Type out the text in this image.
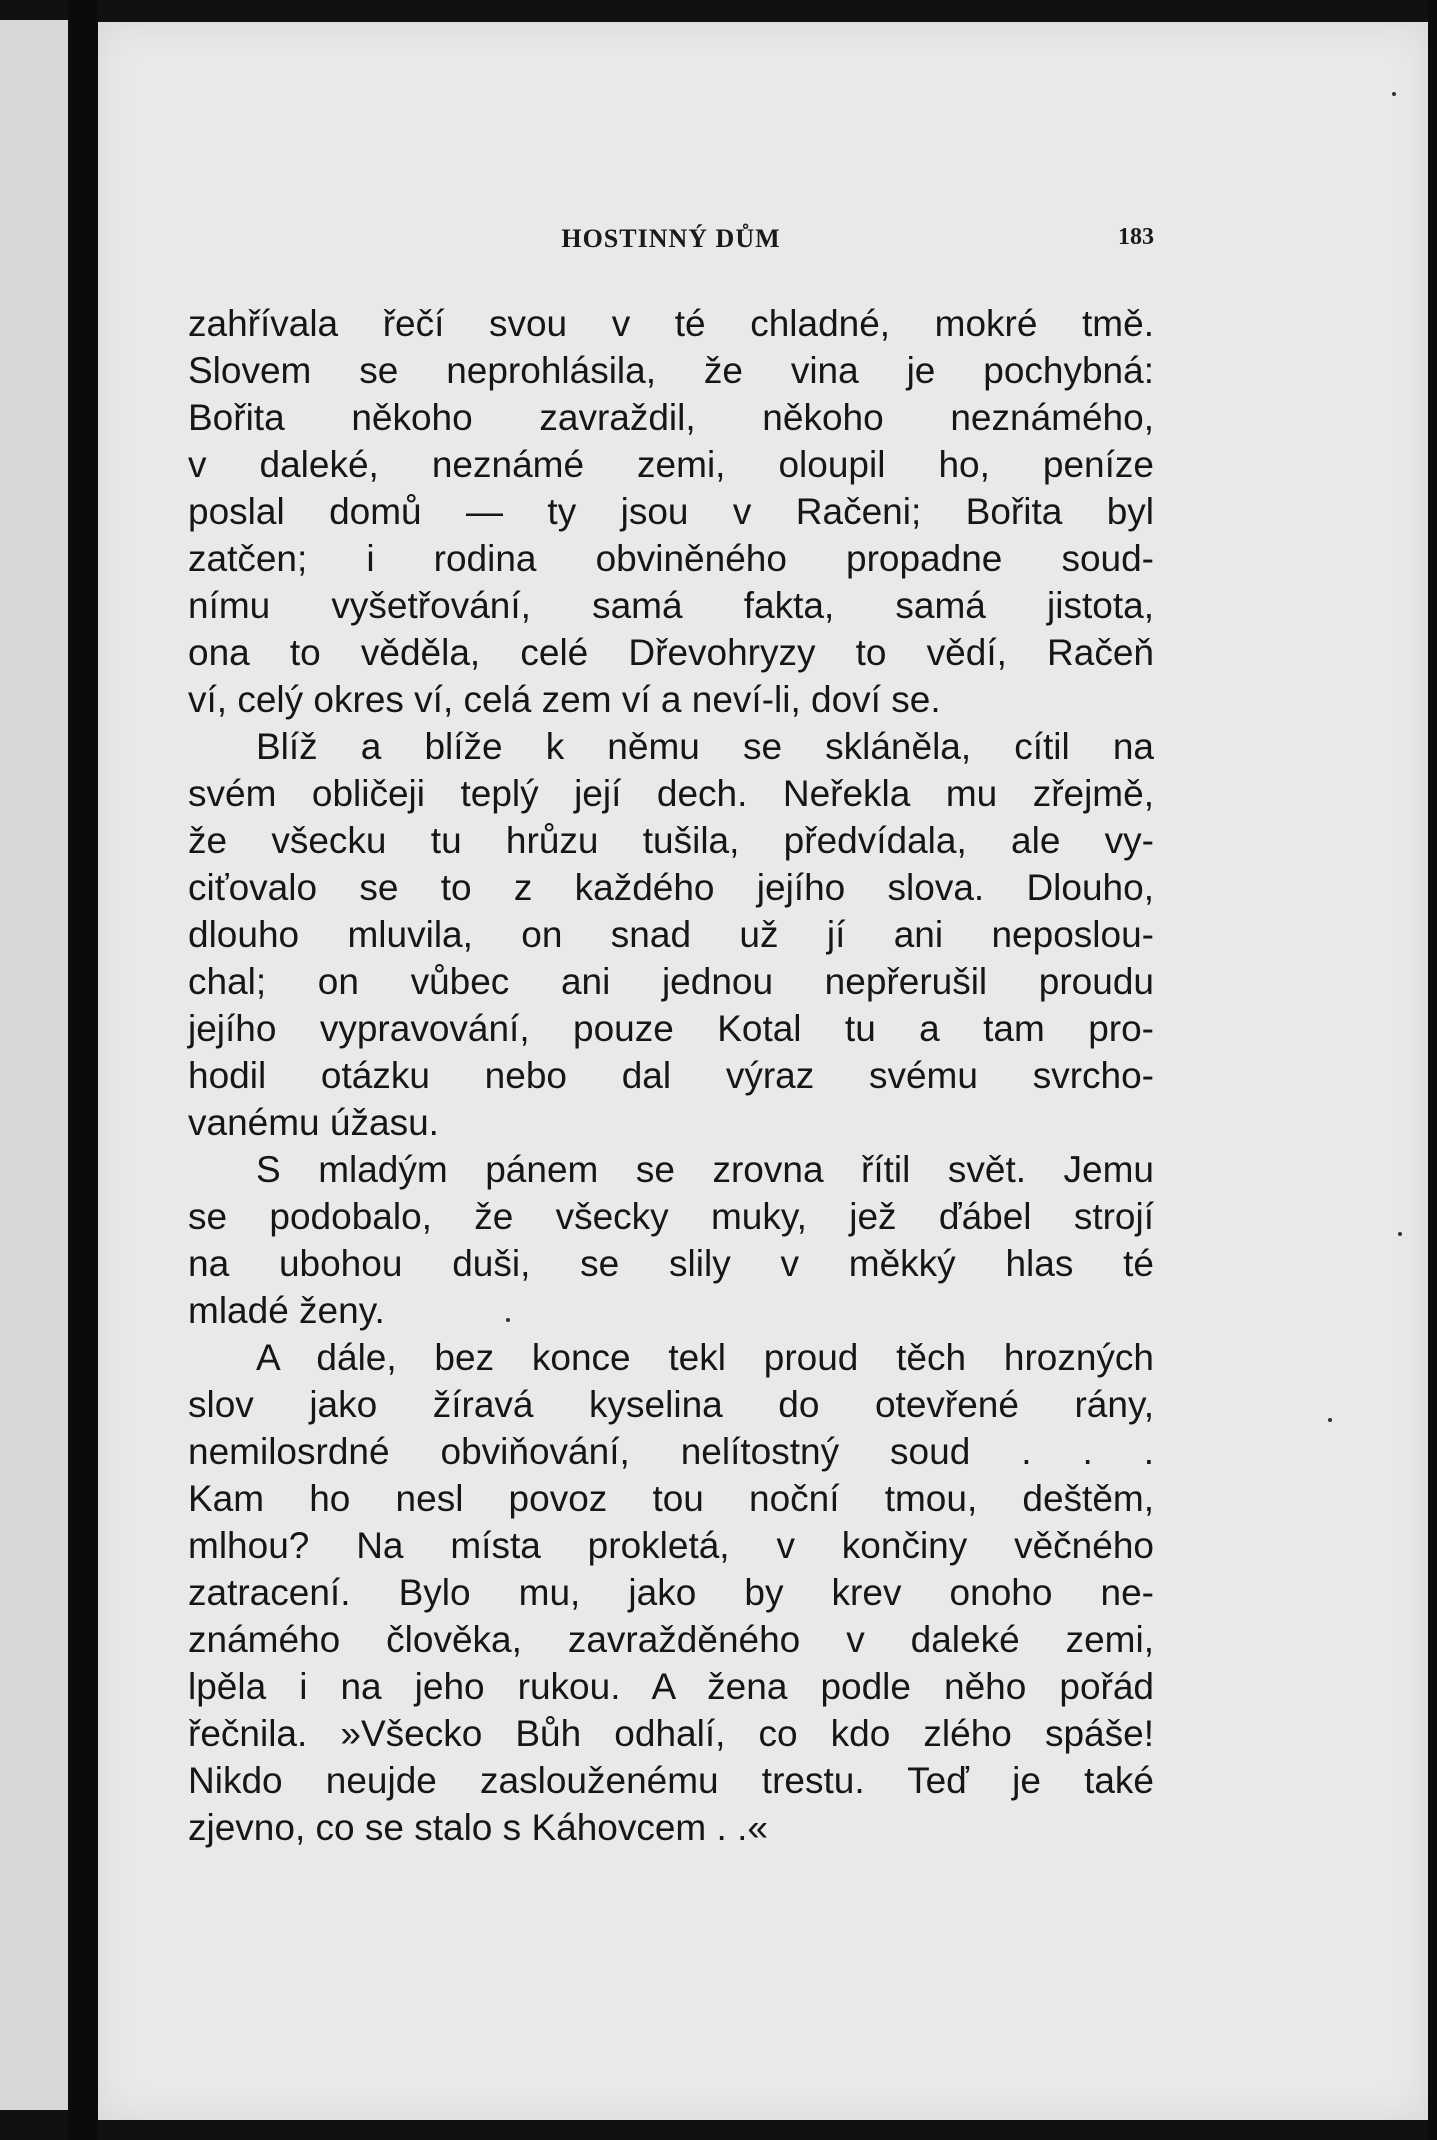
HOSTINNÝ DŮM	183
zahřívala řečí svou v té chladné, mokré tmě.
Slovem se neprohlásila, že vina je pochybná:
Bořita někoho zavraždil, někoho neznámého,
v daleké, neznámé zemi, oloupil ho, peníze
poslal domů — ty jsou v Račeni; Bořita byl
zatčen; i rodina obviněného propadne soud-
nímu vyšetřování, samá fakta, samá jistota,
ona to věděla, celé Dřevohryzy to vědí, Račeň
ví, celý okres ví, celá zem ví a neví-li, doví se.
Blíž a blíže k němu se skláněla, cítil na
svém obličeji teplý její dech. Neřekla mu zřejmě,
že všecku tu hrůzu tušila, předvídala, ale vy-
ciťovalo se to z každého jejího slova. Dlouho,
dlouho mluvila, on snad už jí ani neposlou-
chal; on vůbec ani jednou nepřerušil proudu
jejího vypravování, pouze Kotal tu a tam pro-
hodil otázku nebo dal výraz svému svrcho-
vanému úžasu.
S mladým pánem se zrovna řítil svět. Jemu
se podobalo, že všecky muky, jež ďábel strojí
na ubohou duši, se slily v měkký hlas té
mladé ženy.
A dále, bez konce tekl proud těch hrozných
slov jako žíravá kyselina do otevřené rány,
nemilosrdné obviňování, nelítostný soud . . .
Kam ho nesl povoz tou noční tmou, deštěm,
mlhou? Na místa prokletá, v končiny věčného
zatracení. Bylo mu, jako by krev onoho ne-
známého člověka, zavražděného v daleké zemi,
lpěla i na jeho rukou. A žena podle něho pořád
řečnila. »Všecko Bůh odhalí, co kdo zlého spáše!
Nikdo neujde zaslouženému trestu. Teď je také
zjevno, co se stalo s Káhovcem . .«
